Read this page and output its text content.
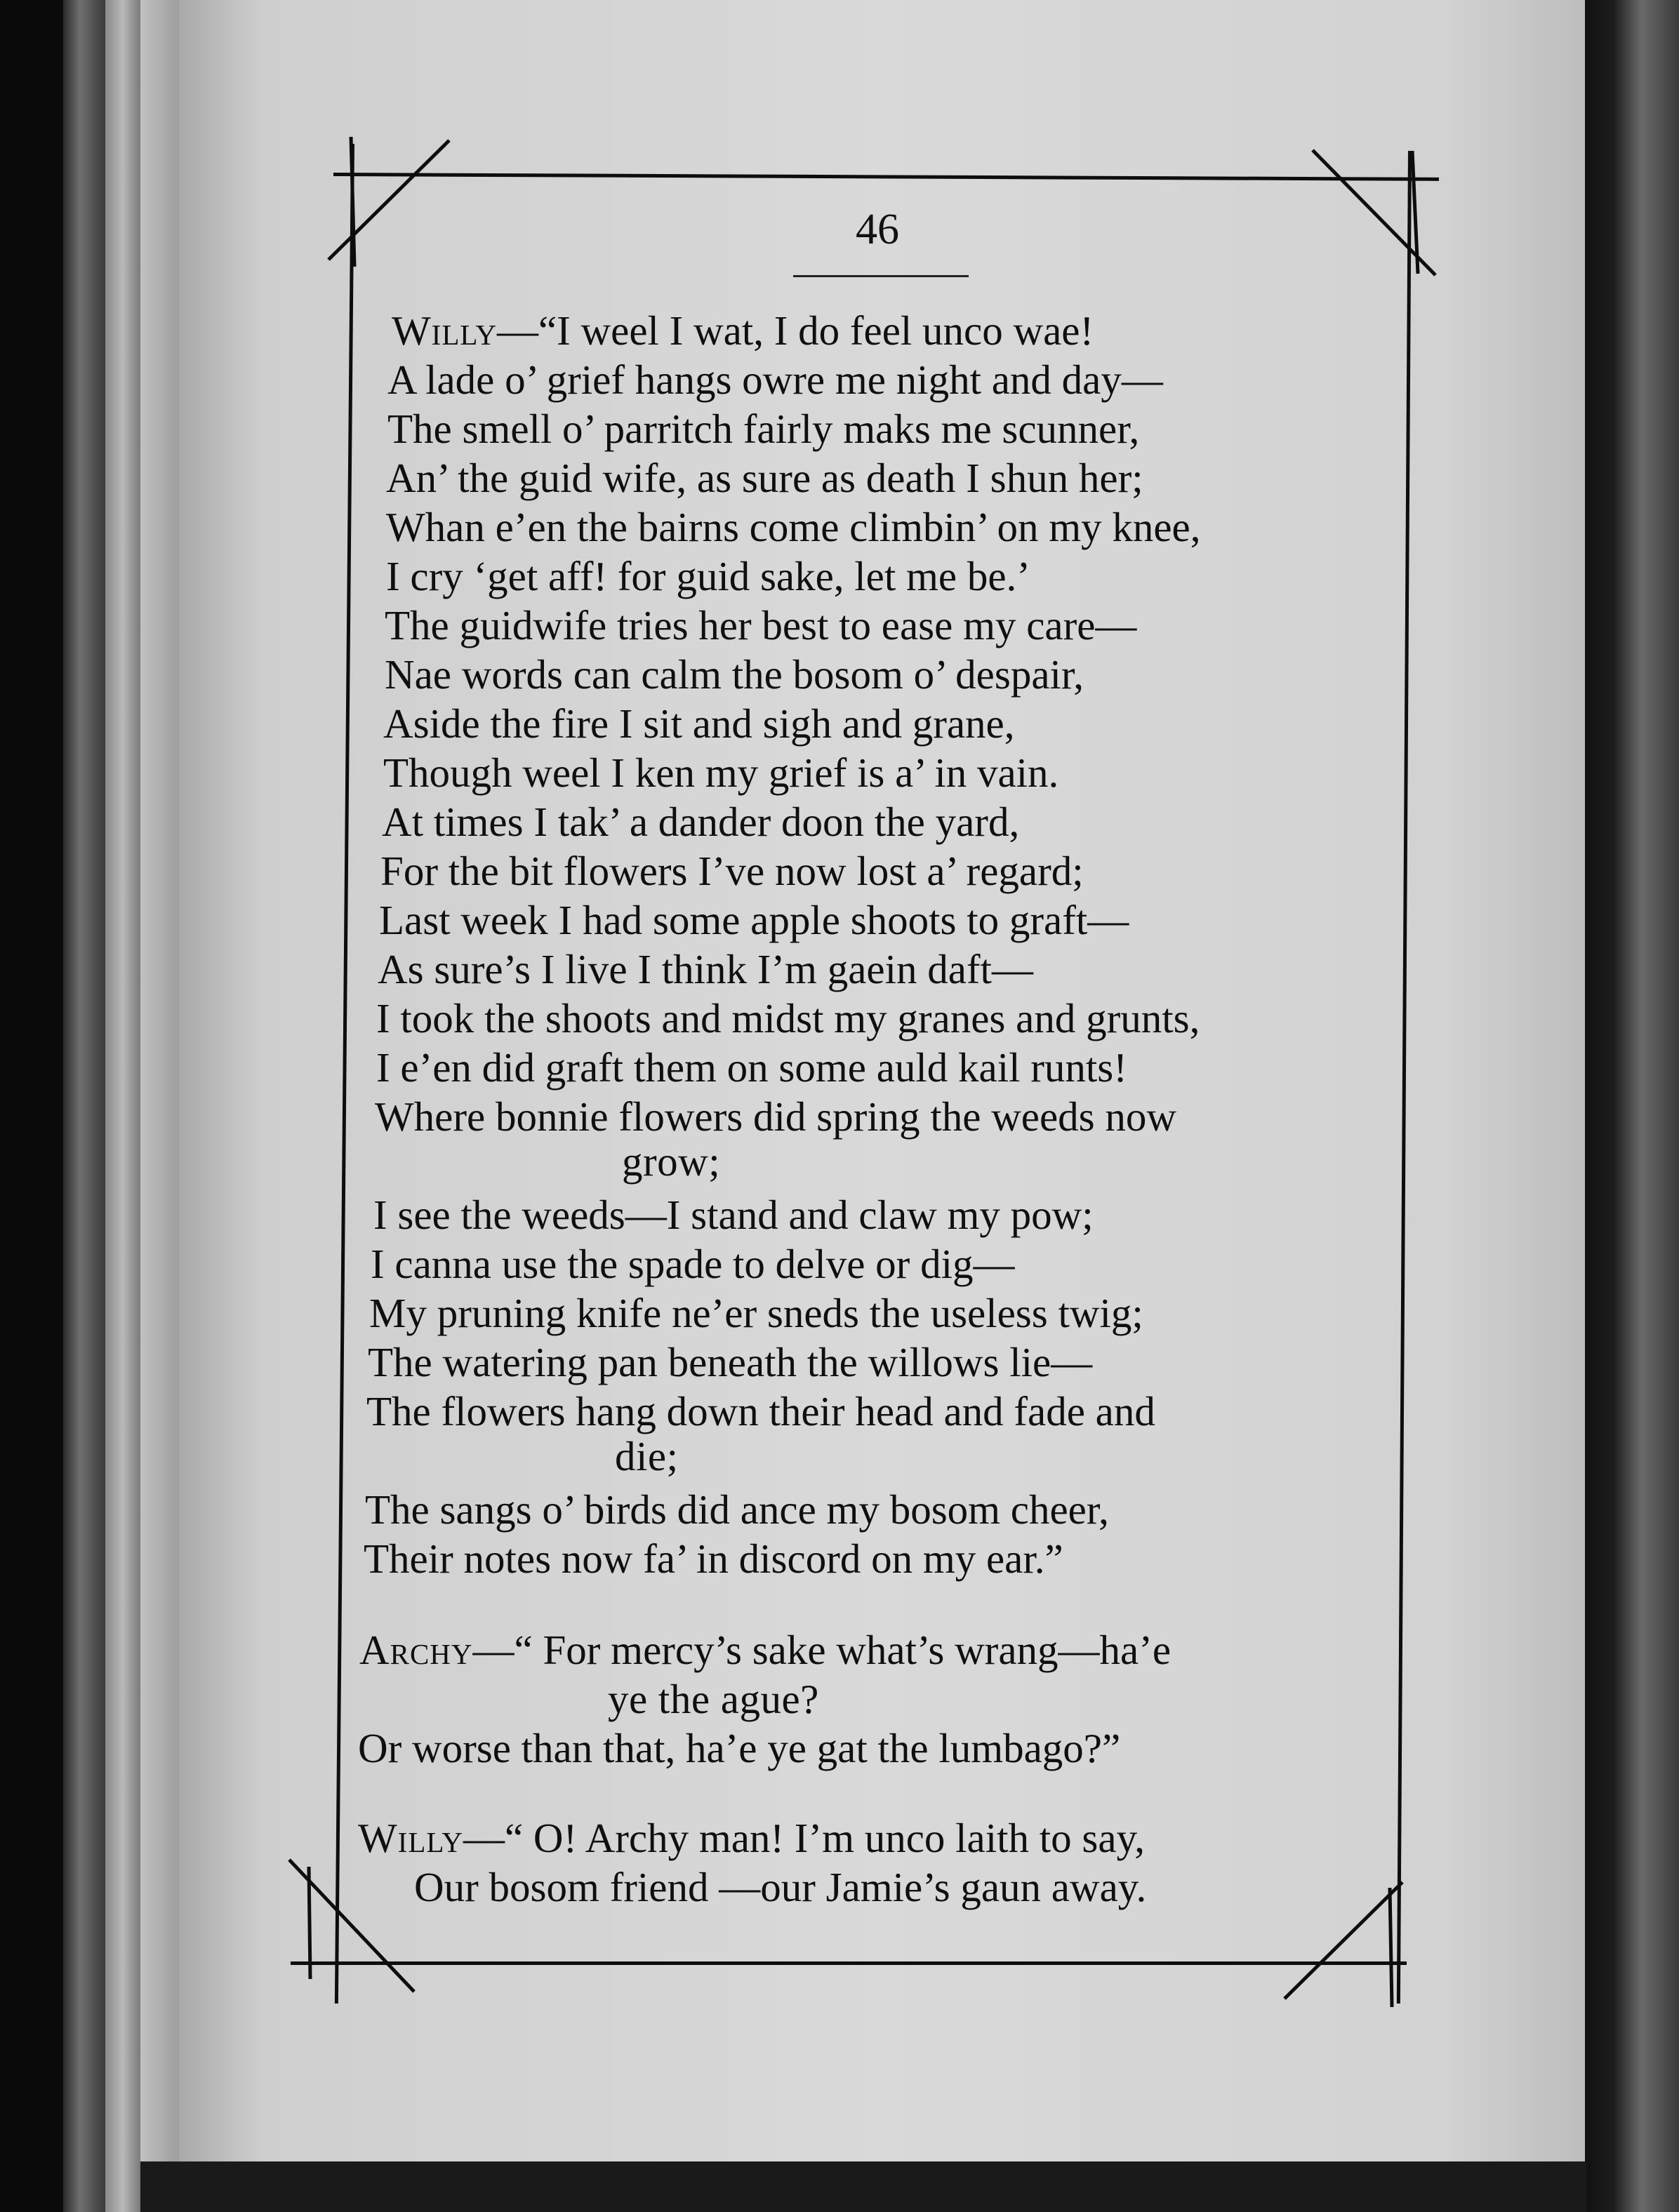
46
Willy—“I weel I wat, I do feel unco wae!
A lade o’ grief hangs owre me night and day—
The smell o’ parritch fairly maks me scunner,
An’ the guid wife, as sure as death I shun her;
Whan e’en the bairns come climbin’ on my knee,
I cry ‘get aff! for guid sake, let me be.’
The guidwife tries her best to ease my care—
Nae words can calm the bosom o’ despair,
Aside the fire I sit and sigh and grane,
Though weel I ken my grief is a’ in vain.
At times I tak’ a dander doon the yard,
For the bit flowers I’ve now lost a’ regard;
Last week I had some apple shoots to graft—
As sure’s I live I think I’m gaein daft—
I took the shoots and midst my granes and grunts,
I e’en did graft them on some auld kail runts!
Where bonnie flowers did spring the weeds now
grow;
I see the weeds—I stand and claw my pow;
I canna use the spade to delve or dig—
My pruning knife ne’er sneds the useless twig;
The watering pan beneath the willows lie—
The flowers hang down their head and fade and
die;
The sangs o’ birds did ance my bosom cheer,
Their notes now fa’ in discord on my ear.”
Archy—“ For mercy’s sake what’s wrang—ha’e
ye the ague?
Or worse than that, ha’e ye gat the lumbago?”
Willy—“ O! Archy man! I’m unco laith to say,
Our bosom friend —our Jamie’s gaun away.
